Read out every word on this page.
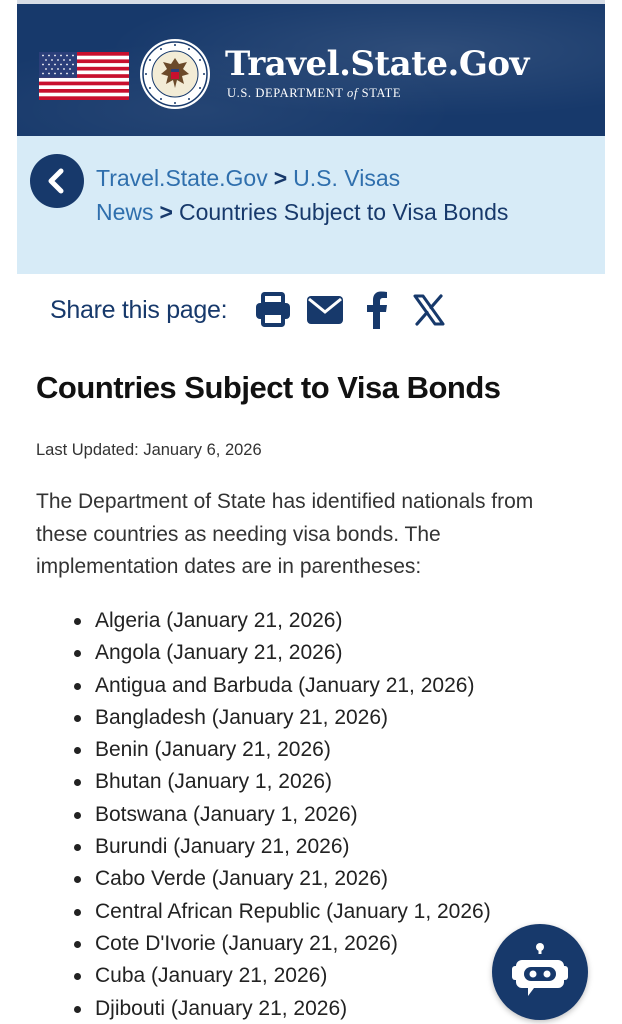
Travel.State.Gov
U.S. DEPARTMENT of STATE
Travel.State.Gov > U.S. Visas
News > Countries Subject to Visa Bonds
Share this page:
Countries Subject to Visa Bonds
Last Updated: January 6, 2026
The Department of State has identified nationals from these countries as needing visa bonds. The implementation dates are in parentheses:
Algeria (January 21, 2026)
Angola (January 21, 2026)
Antigua and Barbuda (January 21, 2026)
Bangladesh (January 21, 2026)
Benin (January 21, 2026)
Bhutan (January 1, 2026)
Botswana (January 1, 2026)
Burundi (January 21, 2026)
Cabo Verde (January 21, 2026)
Central African Republic (January 1, 2026)
Cote D'Ivorie (January 21, 2026)
Cuba (January 21, 2026)
Djibouti (January 21, 2026)
